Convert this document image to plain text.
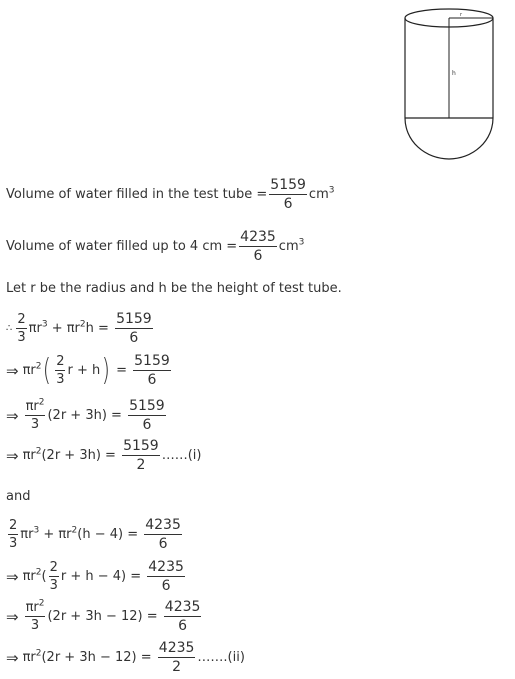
r
h
Volume of water filled in the test tube = $\frac{5159}{6} cm^3$
Volume of water filled up to 4 cm = $\frac{4235}{6} cm^3$
Let r be the radius and h be the height of test tube.
∴ $\frac{2}{3} \pi r^3 + \pi r^2h = \frac{5159}{6}$
⇒ $\pi r^2$ ( $\frac{2}{3}$ r + h ) = $\frac{5159}{6}$
⇒ $\frac{\pi r^2}{3} (2r + 3h) = \frac{5159}{6}$
⇒ $\pi r^2$ $(2r + 3h) = \frac{5159}{2}$ ……(i)
and
$\frac{2}{3} \pi r^3 + \pi r^2$ $(h - 4) = \frac{4235}{6}$
⇒ $\pi r^2$ ( $\frac{2}{3}$ $r + h - 4) = \frac{4235}{6}$
⇒ $\frac{\pi r^2}{3} (2r + 3h - 12) = \frac{4235}{6}$
⇒ $\pi r^2$ $(2r + 3h - 12) = \frac{4235}{2}$ …….(ii)
